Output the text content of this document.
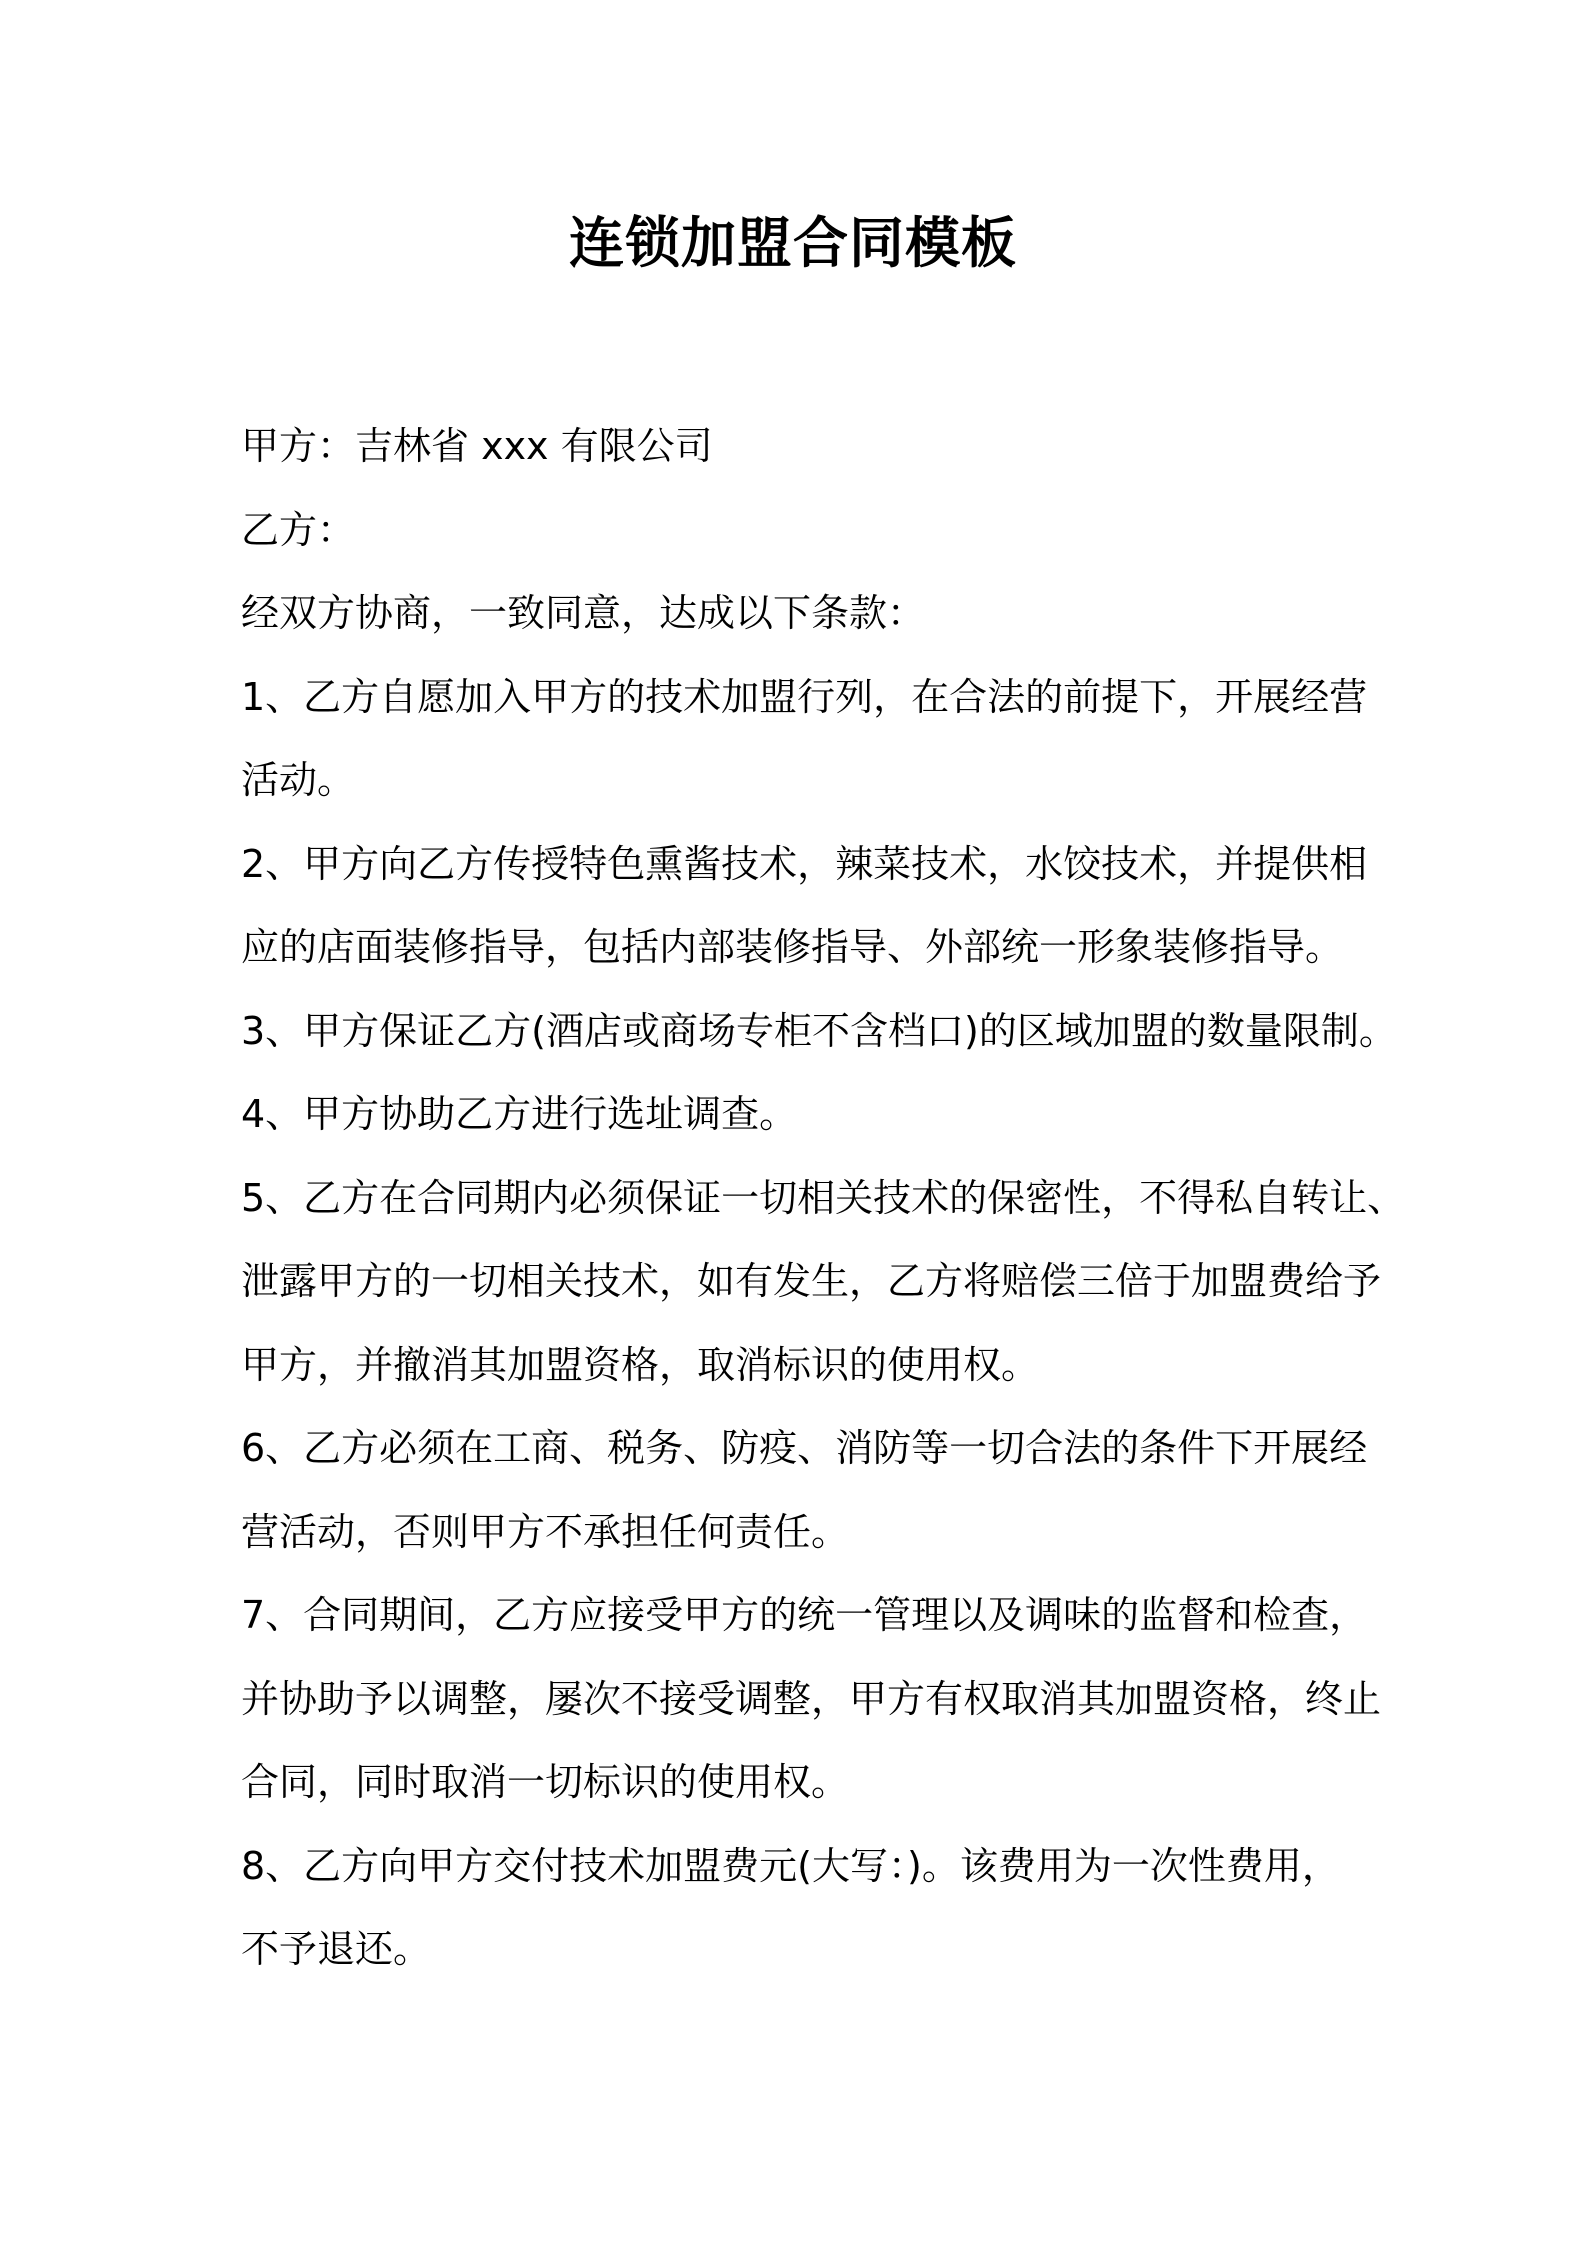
连锁加盟合同模板

甲方：吉林省 xxx 有限公司

乙方：

经双方协商，一致同意，达成以下条款：

1、乙方自愿加入甲方的技术加盟行列，在合法的前提下，开展经营

活动。

2、甲方向乙方传授特色熏酱技术，辣菜技术，水饺技术，并提供相

应的店面装修指导，包括内部装修指导、外部统一形象装修指导。

3、甲方保证乙方(酒店或商场专柜不含档口)的区域加盟的数量限制。

4、甲方协助乙方进行选址调查。

5、乙方在合同期内必须保证一切相关技术的保密性，不得私自转让、

泄露甲方的一切相关技术，如有发生，乙方将赔偿三倍于加盟费给予

甲方，并撤消其加盟资格，取消标识的使用权。

6、乙方必须在工商、税务、防疫、消防等一切合法的条件下开展经

营活动，否则甲方不承担任何责任。

7、合同期间，乙方应接受甲方的统一管理以及调味的监督和检查，

并协助予以调整，屡次不接受调整，甲方有权取消其加盟资格，终止

合同，同时取消一切标识的使用权。

8、乙方向甲方交付技术加盟费元(大写：)。该费用为一次性费用，

不予退还。
